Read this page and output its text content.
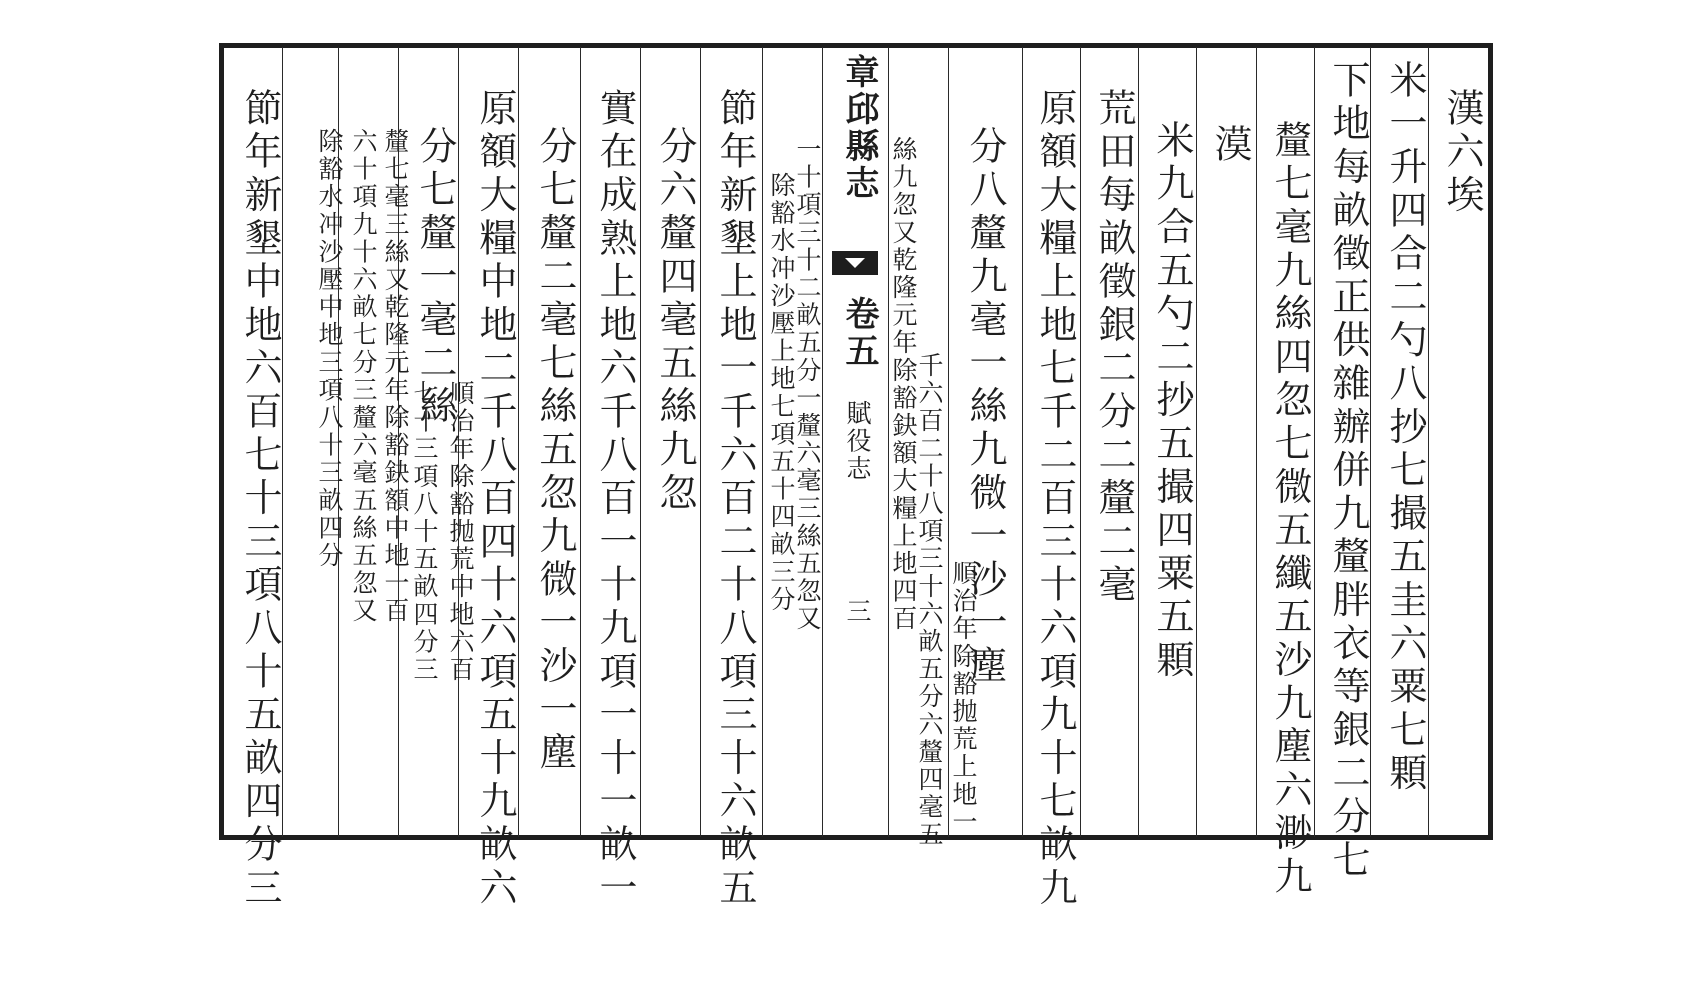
漢六埃
米一升四合二勺八抄七撮五圭六粟七顆
下地每畝徵正供雜辦併九釐胖衣等銀二分七
釐七毫九絲四忽七微五纖五沙九塵六渺九
漠
米九合五勺二抄五撮四粟五顆
荒田每畝徵銀二分二釐二毫
原額大糧上地七千二百三十六項九十七畝九
分八釐九毫一絲九微一沙一塵
順治年除豁抛荒上地一
千六百二十八項三十六畝五分六釐四毫五
絲九忽又乾隆元年除豁鈌額大糧上地四百
章邱縣志
卷五
賦役志
三
一十項三十二畝五分一釐六毫三絲五忽又
除豁水冲沙壓上地七項五十四畝三分
節年新墾上地一千六百二十八項三十六畝五
分六釐四毫五絲九忽
分七釐二毫七絲五忽九微一沙一塵 實在成熟上地六千八百一十九項一十一畝一
原額大糧中地二千八百四十六項五十九畝六
分七釐一毫二絲
順治年除豁抛荒中地六百
七十三項八十五畝四分三
釐七毫三絲又乾隆元年除豁鈌額中地一百
六十項九十六畝七分三釐六毫五絲五忽又
除豁水冲沙壓中地三項八十三畝四分
節年新墾中地六百七十三項八十五畝四分三
